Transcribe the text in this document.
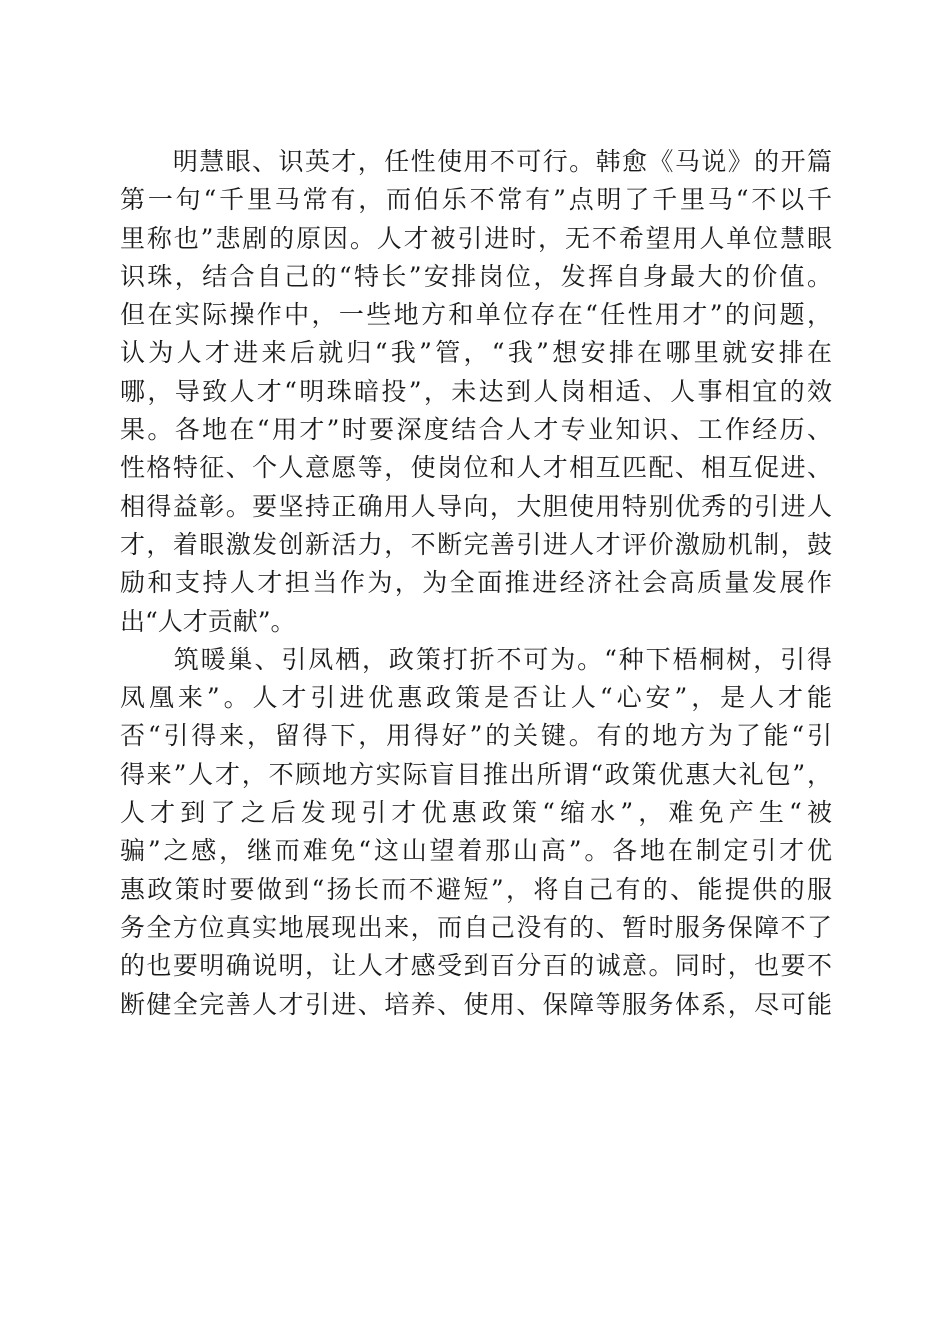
　　明慧眼、识英才，任性使用不可行。韩愈《马说》的开篇
第一句“千里马常有，而伯乐不常有”点明了千里马“不以千
里称也”悲剧的原因。人才被引进时，无不希望用人单位慧眼
识珠，结合自己的“特长”安排岗位，发挥自身最大的价值。
但在实际操作中，一些地方和单位存在“任性用才”的问题，
认为人才进来后就归“我”管，“我”想安排在哪里就安排在
哪，导致人才“明珠暗投”，未达到人岗相适、人事相宜的效
果。各地在“用才”时要深度结合人才专业知识、工作经历、
性格特征、个人意愿等，使岗位和人才相互匹配、相互促进、
相得益彰。要坚持正确用人导向，大胆使用特别优秀的引进人
才，着眼激发创新活力，不断完善引进人才评价激励机制，鼓
励和支持人才担当作为，为全面推进经济社会高质量发展作
出“人才贡献”。
　　筑暖巢、引凤栖，政策打折不可为。“种下梧桐树，引得
凤凰来”。人才引进优惠政策是否让人“心安”，是人才能
否“引得来，留得下，用得好”的关键。有的地方为了能“引
得来”人才，不顾地方实际盲目推出所谓“政策优惠大礼包”，
人才到了之后发现引才优惠政策“缩水”，难免产生“被
骗”之感，继而难免“这山望着那山高”。各地在制定引才优
惠政策时要做到“扬长而不避短”，将自己有的、能提供的服
务全方位真实地展现出来，而自己没有的、暂时服务保障不了
的也要明确说明，让人才感受到百分百的诚意。同时，也要不
断健全完善人才引进、培养、使用、保障等服务体系，尽可能
